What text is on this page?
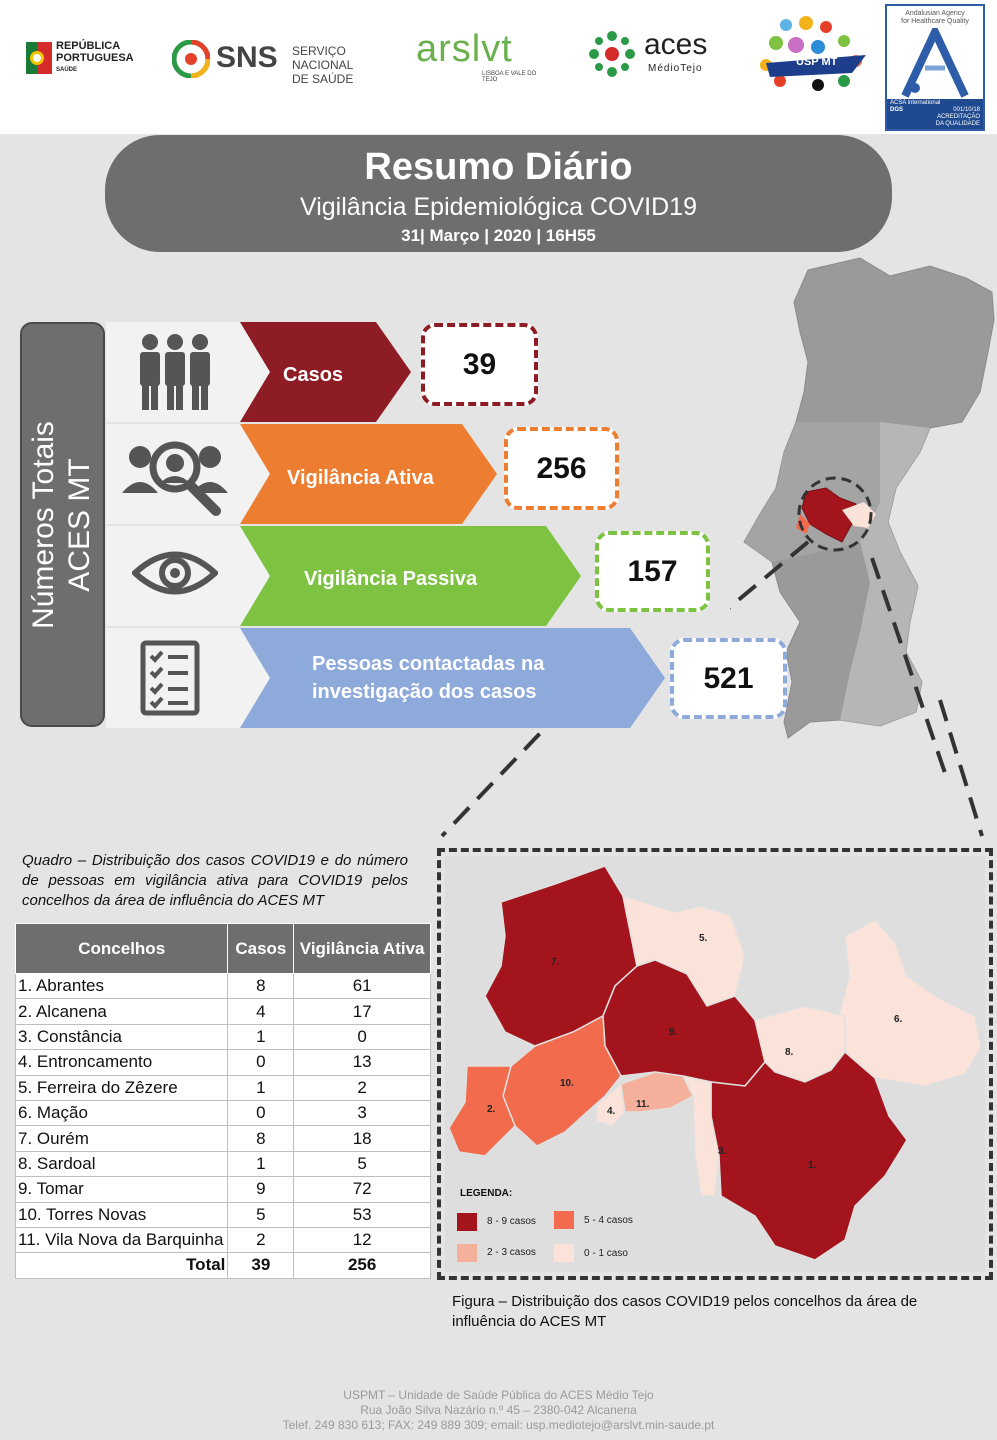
REPÚBLICA
PORTUGUESA
SAÚDE	SNS SERVIÇO NACIONAL
DE SAÚDE
arslvt
LISBOA E VALE DO TEJO
aces
MédioTejo
USP MT
Andalusian Agency
for Healthcare Quality
ACSA international
DGS	001/10/18
ACREDITAÇÃO
DA QUALIDADE
Resumo Diário
Vigilância Epidemiológica COVID19
31| Março | 2020 | 16H55
Números Totais ACES MT
Casos
Vigilância Ativa
Vigilância Passiva
Pessoas contactadas na
investigação dos casos
39
256
157
521
Quadro – Distribuição dos casos COVID19 e do número de pessoas em vigilância ativa para COVID19 pelos concelhos da área de influência do ACES MT
Concelhos	Casos	Vigilância Ativa
1. Abrantes	8	61
2. Alcanena	4	17
3. Constância	1	0
4. Entroncamento	0	13
5. Ferreira do Zêzere	1	2
6. Mação	0	3
7. Ourém	8	18
8. Sardoal	1	5
9. Tomar	9	72
10. Torres Novas	5	53
11. Vila Nova da Barquinha	2	12
Total	39	256
1.
2.
3.
4.
5.
6.
7.
8.
9.
10.
11.
LEGENDA:
8 - 9 casos	5 - 4 casos
2 - 3 casos	0 - 1 caso
Figura – Distribuição dos casos COVID19 pelos concelhos da área de influência do ACES MT
USPMT – Unidade de Saúde Pública do ACES Médio Tejo
Rua João Silva Nazário n.º 45 – 2380-042 Alcanena
Telef. 249 830 613; FAX: 249 889 309; email: usp.mediotejo@arslvt.min-saude.pt
